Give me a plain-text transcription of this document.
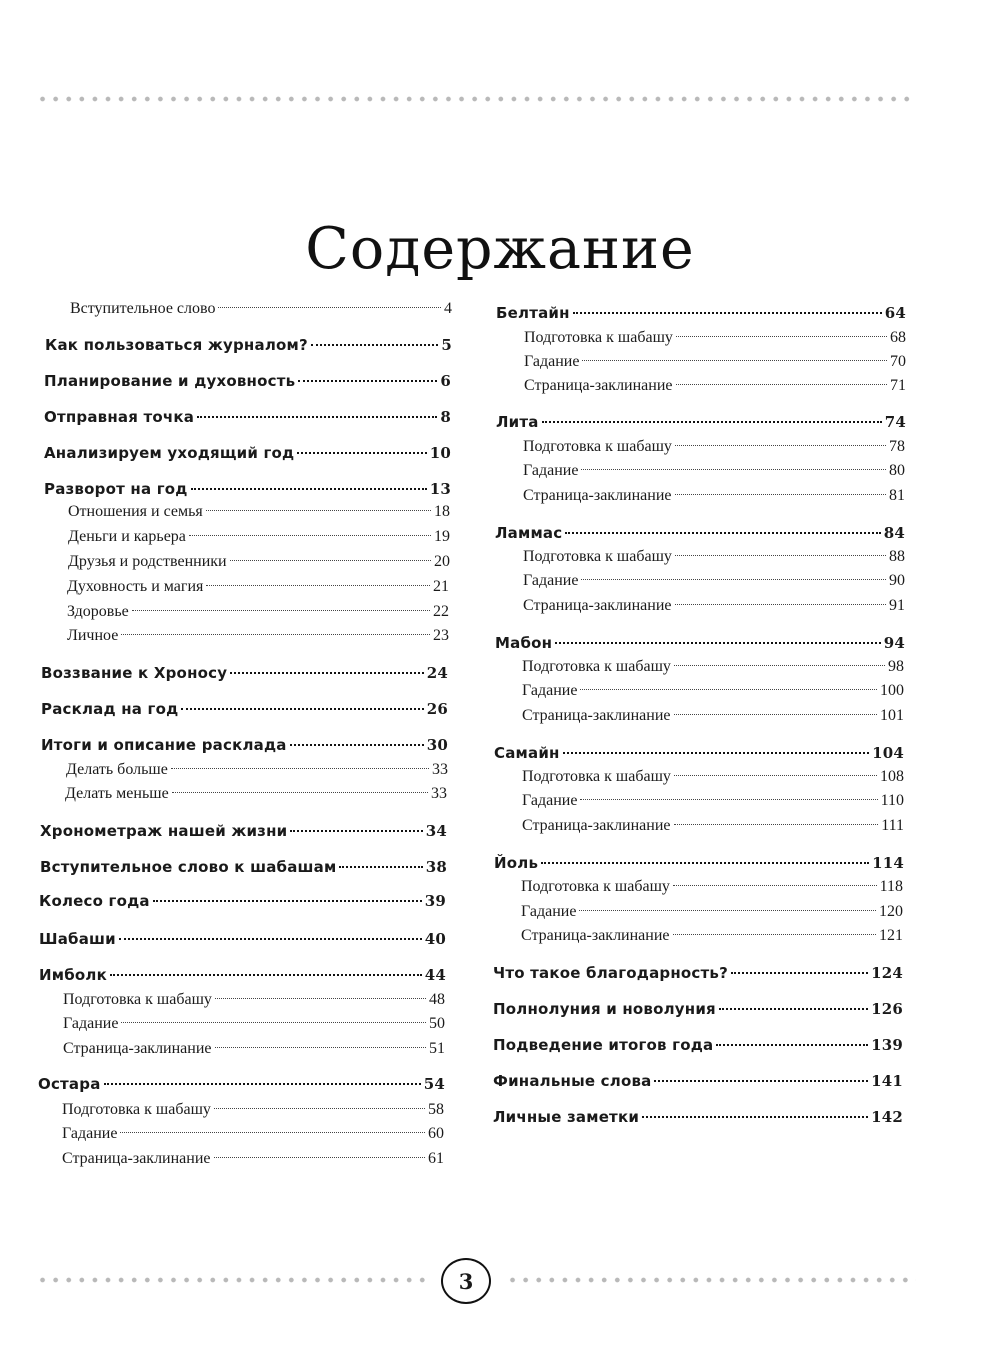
Содержание
Вступительное слово	4
Как пользоваться журналом?	5
Планирование и духовность	6
Отправная точка	8
Анализируем уходящий год	10
Разворот на год	13
Отношения и семья	18
Деньги и карьера	19
Друзья и родственники	20
Духовность и магия	21
Здоровье	22
Личное	23
Воззвание к Хроносу	24
Расклад на год	26
Итоги и описание расклада	30
Делать больше	33
Делать меньше	33
Хронометраж нашей жизни	34
Вступительное слово к шабашам	38
Колесо года	39
Шабаши	40
Имболк	44
Подготовка к шабашу	48
Гадание	50
Страница-заклинание	51
Остара	54
Подготовка к шабашу	58
Гадание	60
Страница-заклинание	61
Белтайн	64
Подготовка к шабашу	68
Гадание	70
Страница-заклинание	71
Лита	74
Подготовка к шабашу	78
Гадание	80
Страница-заклинание	81
Ламмас	84
Подготовка к шабашу	88
Гадание	90
Страница-заклинание	91
Мабон	94
Подготовка к шабашу	98
Гадание	100
Страница-заклинание	101
Самайн	104
Подготовка к шабашу	108
Гадание	110
Страница-заклинание	111
Йоль	114
Подготовка к шабашу	118
Гадание	120
Страница-заклинание	121
Что такое благодарность?	124
Полнолуния и новолуния	126
Подведение итогов года	139
Финальные слова	141
Личные заметки	142
3
